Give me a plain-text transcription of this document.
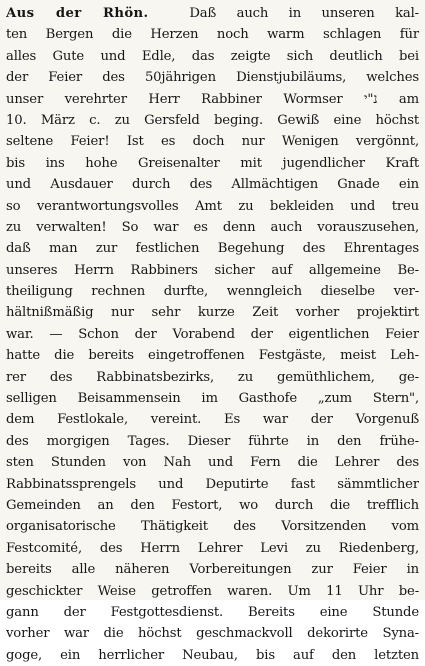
Aus der Rhön.	Daß auch in unseren kal-
ten Bergen die Herzen noch warm schlagen für
alles Gute und Edle, das zeigte sich deutlich bei
der Feier des 50jährigen Dienstjubiläums, welches
unser verehrter Herr Rabbiner Wormser נ"י am
10. März c. zu Gersfeld beging. Gewiß eine höchst
seltene Feier! Ist es doch nur Wenigen vergönnt,
bis ins hohe Greisenalter mit jugendlicher Kraft
und Ausdauer durch des Allmächtigen Gnade ein
so verantwortungsvolles Amt zu bekleiden und treu
zu verwalten! So war es denn auch vorauszusehen,
daß man zur festlichen Begehung des Ehrentages
unseres Herrn Rabbiners sicher auf allgemeine Be-
theiligung rechnen durfte, wenngleich dieselbe ver-
hältnißmäßig nur sehr kurze Zeit vorher projektirt
war. — Schon der Vorabend der eigentlichen Feier
hatte die bereits eingetroffenen Festgäste, meist Leh-
rer des Rabbinatsbezirks, zu gemüthlichem, ge-
selligen Beisammensein im Gasthofe „zum Stern",
dem Festlokale, vereint. Es war der Vorgenuß
des morgigen Tages. Dieser führte in den frühe-
sten Stunden von Nah und Fern die Lehrer des
Rabbinatssprengels und Deputirte fast sämmtlicher
Gemeinden an den Festort, wo durch die trefflich
organisatorische Thätigkeit des Vorsitzenden vom
Festcomité, des Herrn Lehrer Levi zu Riedenberg,
bereits alle näheren Vorbereitungen zur Feier in
geschickter Weise getroffen waren. Um 11 Uhr be-
gann der Festgottesdienst. Bereits eine Stunde
vorher war die höchst geschmackvoll dekorirte Syna-
goge, ein herrlicher Neubau, bis auf den letzten
